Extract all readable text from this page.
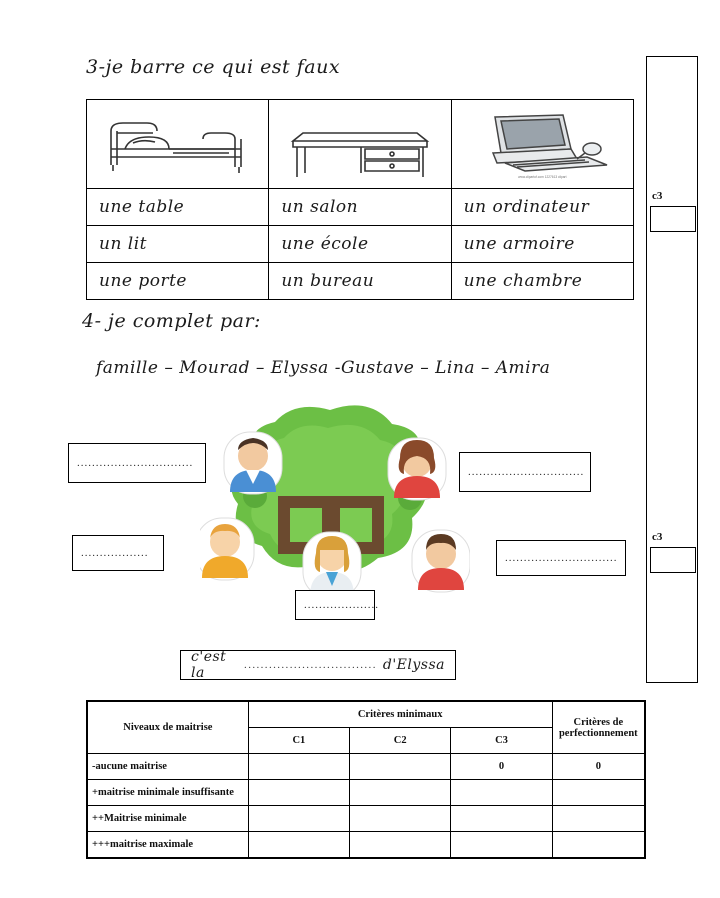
3-je barre ce qui est faux

www.clipartof.com 1227613 clipart

une table	un salon	un ordinateur
un lit	une école	une armoire
une porte	un bureau	une chambre
4- je complet par:
famille – Mourad – Elyssa -Gustave – Lina – Amira
...............................
...............................
..................	..............................
....................
c'est la	................................ d'Elyssa
c3
c3
Niveaux de maitrise	Critères minimaux			Critères de perfectionnement
	C1	C2	C3	
-aucune maitrise			0	0
+maitrise minimale insuffisante				
++Maitrise minimale				
+++maitrise maximale				
